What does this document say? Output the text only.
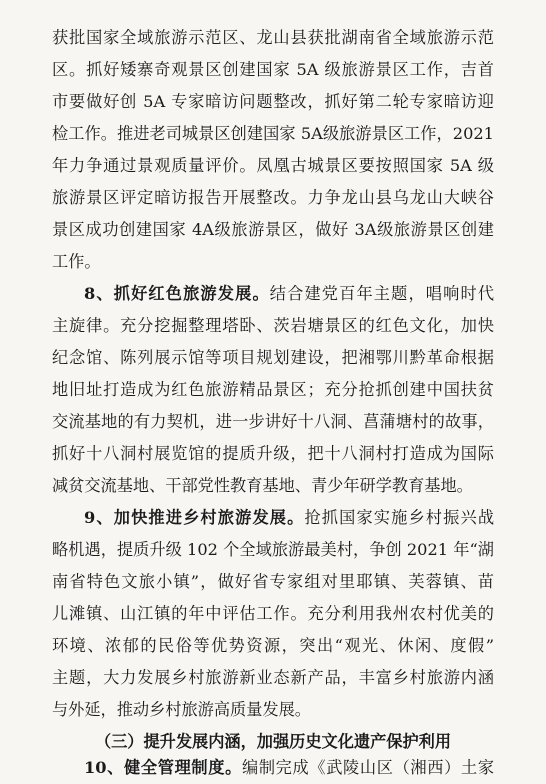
获批国家全域旅游示范区、龙山县获批湖南省全域旅游示范
区。抓好矮寨奇观景区创建国家 5A 级旅游景区工作，吉首
市要做好创 5A 专家暗访问题整改，抓好第二轮专家暗访迎
检工作。推进老司城景区创建国家 5A级旅游景区工作，2021
年力争通过景观质量评价。凤凰古城景区要按照国家 5A 级
旅游景区评定暗访报告开展整改。力争龙山县乌龙山大峡谷
景区成功创建国家 4A级旅游景区，做好 3A级旅游景区创建
工作。
8、抓好红色旅游发展。结合建党百年主题，唱响时代
主旋律。充分挖掘整理塔卧、茨岩塘景区的红色文化，加快
纪念馆、陈列展示馆等项目规划建设，把湘鄂川黔革命根据
地旧址打造成为红色旅游精品景区；充分抢抓创建中国扶贫
交流基地的有力契机，进一步讲好十八洞、菖蒲塘村的故事，
抓好十八洞村展览馆的提质升级，把十八洞村打造成为国际
减贫交流基地、干部党性教育基地、青少年研学教育基地。
9、加快推进乡村旅游发展。抢抓国家实施乡村振兴战
略机遇，提质升级 102 个全域旅游最美村，争创 2021 年“湖
南省特色文旅小镇”，做好省专家组对里耶镇、芙蓉镇、苗
儿滩镇、山江镇的年中评估工作。充分利用我州农村优美的
环境、浓郁的民俗等优势资源，突出“观光、休闲、度假”
主题，大力发展乡村旅游新业态新产品，丰富乡村旅游内涵
与外延，推动乡村旅游高质量发展。
（三）提升发展内涵，加强历史文化遗产保护利用
10、健全管理制度。编制完成《武陵山区（湘西）土家
